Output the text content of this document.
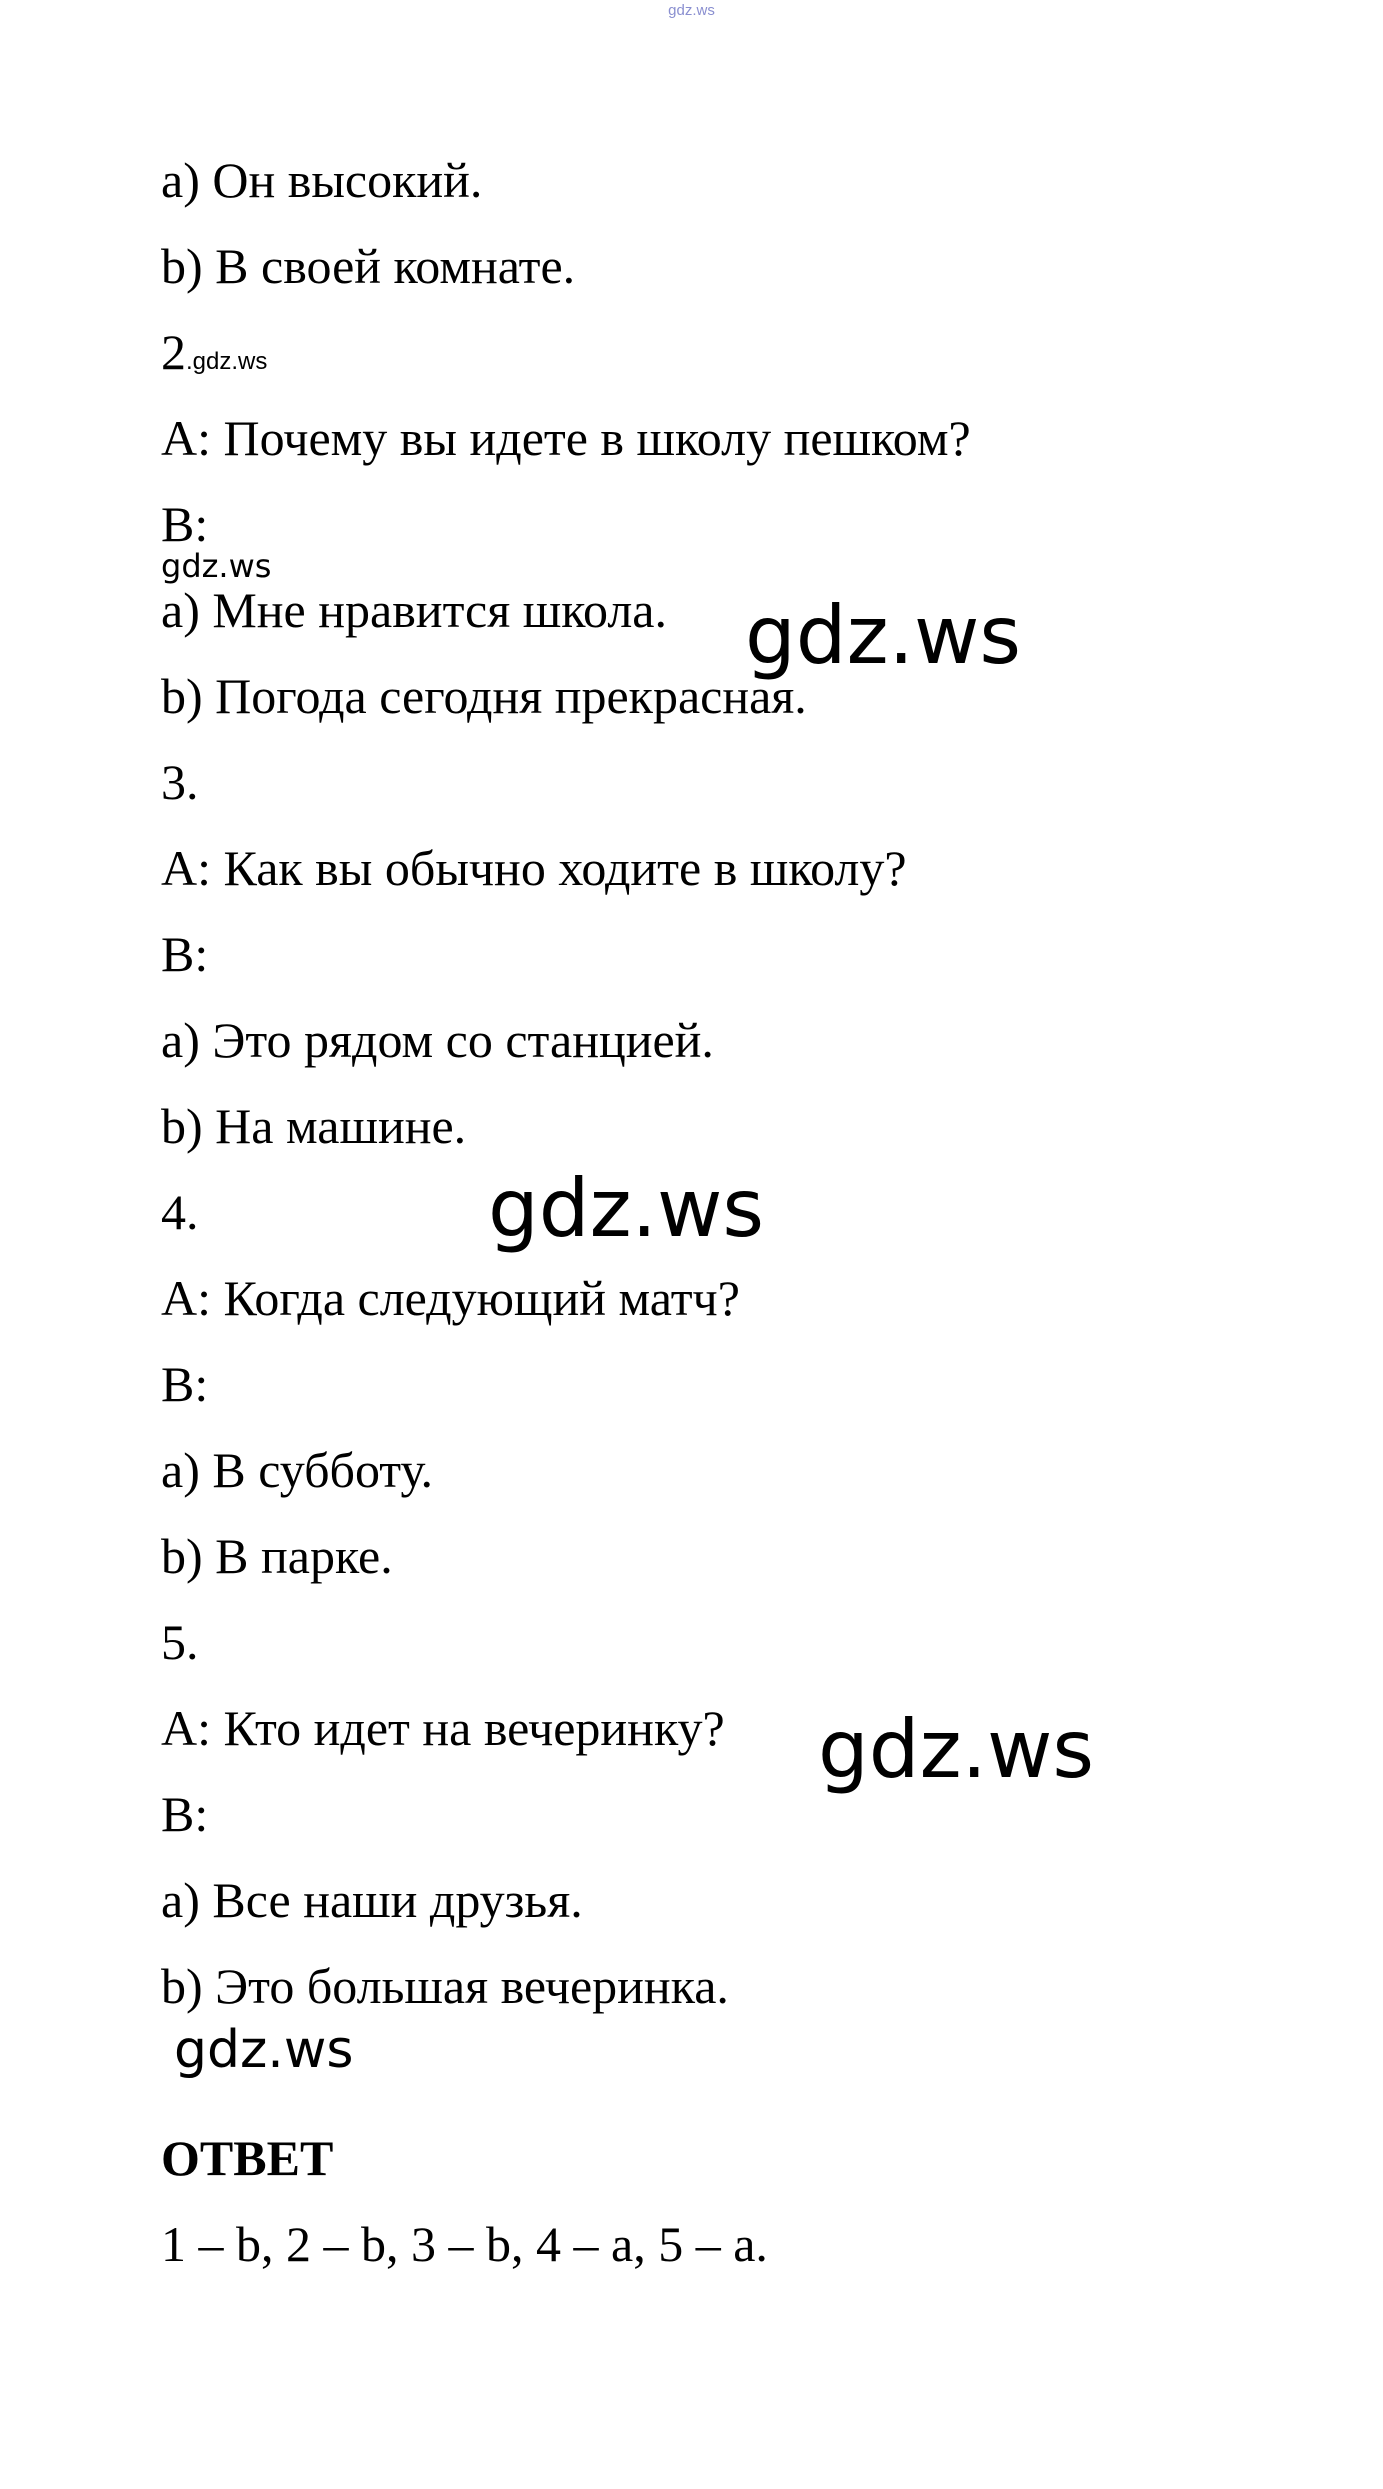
gdz.ws
a) Он высокий.
b) В своей комнате.
2.gdz.ws
A: Почему вы идете в школу пешком?
B:
a) Мне нравится школа.
b) Погода сегодня прекрасная.
3.
A: Как вы обычно ходите в школу?
B:
a) Это рядом со станцией.
b) На машине.
4.
A: Когда следующий матч?
B:
a) В субботу.
b) В парке.
5.
A: Кто идет на вечеринку?
B:
a) Все наши друзья.
b) Это большая вечеринка.
ОТВЕТ
1 – b, 2 – b, 3 – b, 4 – a, 5 – a.
gdz.ws
gdz.ws
gdz.ws
gdz.ws
gdz.ws
